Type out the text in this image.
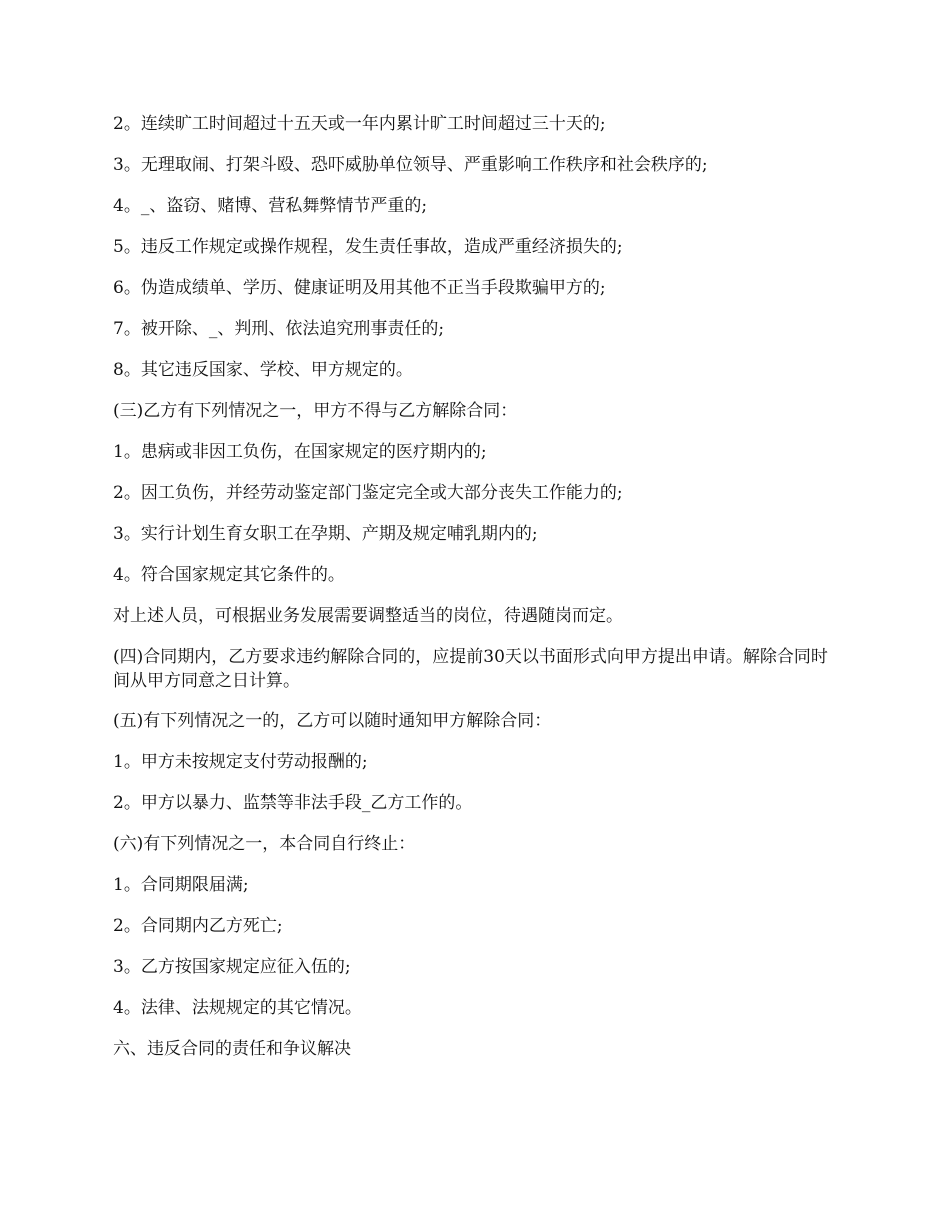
2。连续旷工时间超过十五天或一年内累计旷工时间超过三十天的;

3。无理取闹、打架斗殴、恐吓威胁单位领导、严重影响工作秩序和社会秩序的;

4。_、盗窃、赌博、营私舞弊情节严重的;

5。违反工作规定或操作规程，发生责任事故，造成严重经济损失的;

6。伪造成绩单、学历、健康证明及用其他不正当手段欺骗甲方的;

7。被开除、_、判刑、依法追究刑事责任的;

8。其它违反国家、学校、甲方规定的。

(三)乙方有下列情况之一，甲方不得与乙方解除合同：

1。患病或非因工负伤，在国家规定的医疗期内的;

2。因工负伤，并经劳动鉴定部门鉴定完全或大部分丧失工作能力的;

3。实行计划生育女职工在孕期、产期及规定哺乳期内的;

4。符合国家规定其它条件的。

对上述人员，可根据业务发展需要调整适当的岗位，待遇随岗而定。

(四)合同期内，乙方要求违约解除合同的，应提前30天以书面形式向甲方提出申请。解除合同时间从甲方同意之日计算。

(五)有下列情况之一的，乙方可以随时通知甲方解除合同：

1。甲方未按规定支付劳动报酬的;

2。甲方以暴力、监禁等非法手段_乙方工作的。

(六)有下列情况之一，本合同自行终止：

1。合同期限届满;

2。合同期内乙方死亡;

3。乙方按国家规定应征入伍的;

4。法律、法规规定的其它情况。

六、违反合同的责任和争议解决
